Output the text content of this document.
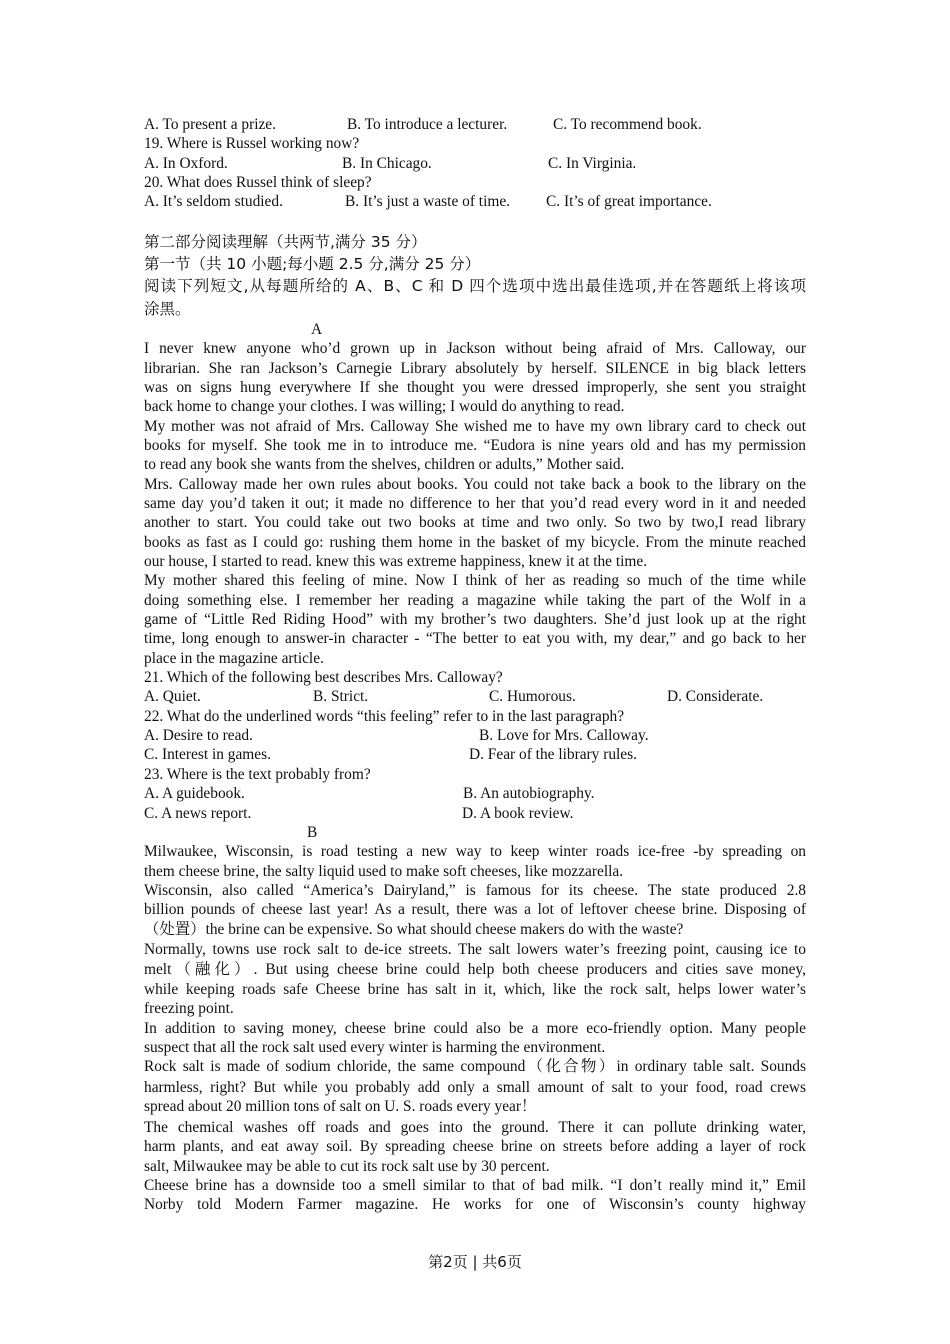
A. To present a prize.	B. To introduce a lecturer.	C. To recommend book.
19. Where is Russel working now?
A. In Oxford.	B. In Chicago.	C. In Virginia.
20. What does Russel think of sleep?
A. It’s seldom studied.	B. It’s just a waste of time. C. It’s of great importance.
第二部分阅读理解（共两节,满分 35 分）
第一节（共 10 小题;每小题 2.5 分,满分 25 分）
阅读下列短文,从每题所给的 A、B、C 和 D 四个选项中选出最佳选项,并在答题纸上将该项
涂黑。
A
I never knew anyone who’d grown up in Jackson without being afraid of Mrs. Calloway, our
librarian. She ran Jackson’s Carnegie Library absolutely by herself. SILENCE in big black letters
was on signs hung everywhere If she thought you were dressed improperly, she sent you straight
back home to change your clothes. I was willing; I would do anything to read.
My mother was not afraid of Mrs. Calloway She wished me to have my own library card to check out
books for myself. She took me in to introduce me. “Eudora is nine years old and has my permission
to read any book she wants from the shelves, children or adults,” Mother said.
Mrs. Calloway made her own rules about books. You could not take back a book to the library on the
same day you’d taken it out; it made no difference to her that you’d read every word in it and needed
another to start. You could take out two books at time and two only. So two by two,I read library
books as fast as I could go: rushing them home in the basket of my bicycle. From the minute reached
our house, I started to read. knew this was extreme happiness, knew it at the time.
My mother shared this feeling of mine. Now I think of her as reading so much of the time while
doing something else. I remember her reading a magazine while taking the part of the Wolf in a
game of “Little Red Riding Hood” with my brother’s two daughters. She’d just look up at the right
time, long enough to answer-in character - “The better to eat you with, my dear,” and go back to her
place in the magazine article.
21. Which of the following best describes Mrs. Calloway?
A. Quiet.	B. Strict.	C. Humorous.	D. Considerate.
22. What do the underlined words “this feeling” refer to in the last paragraph?
A. Desire to read.	B. Love for Mrs. Calloway.
C. Interest in games.	D. Fear of the library rules.
23. Where is the text probably from?
A. A guidebook.	B. An autobiography.
C. A news report.	D. A book review.
B
Milwaukee, Wisconsin, is road testing a new way to keep winter roads ice-free -by spreading on
them cheese brine, the salty liquid used to make soft cheeses, like mozzarella.
Wisconsin, also called “America’s Dairyland,” is famous for its cheese. The state produced 2.8
billion pounds of cheese last year! As a result, there was a lot of leftover cheese brine. Disposing of
（处置）the brine can be expensive. So what should cheese makers do with the waste?
Normally, towns use rock salt to de-ice streets. The salt lowers water’s freezing point, causing ice to
melt（融化）. But using cheese brine could help both cheese producers and cities save money,
while keeping roads safe Cheese brine has salt in it, which, like the rock salt, helps lower water’s
freezing point.
In addition to saving money, cheese brine could also be a more eco-friendly option. Many people
suspect that all the rock salt used every winter is harming the environment.
Rock salt is made of sodium chloride, the same compound（化合物）in ordinary table salt. Sounds
harmless, right? But while you probably add only a small amount of salt to your food, road crews
spread about 20 million tons of salt on U. S. roads every year！
The chemical washes off roads and goes into the ground. There it can pollute drinking water,
harm plants, and eat away soil. By spreading cheese brine on streets before adding a layer of rock
salt, Milwaukee may be able to cut its rock salt use by 30 percent.
Cheese brine has a downside too a smell similar to that of bad milk. “I don’t really mind it,” Emil
Norby told Modern Farmer magazine. He works for one of Wisconsin’s county highway
第2页 | 共6页
